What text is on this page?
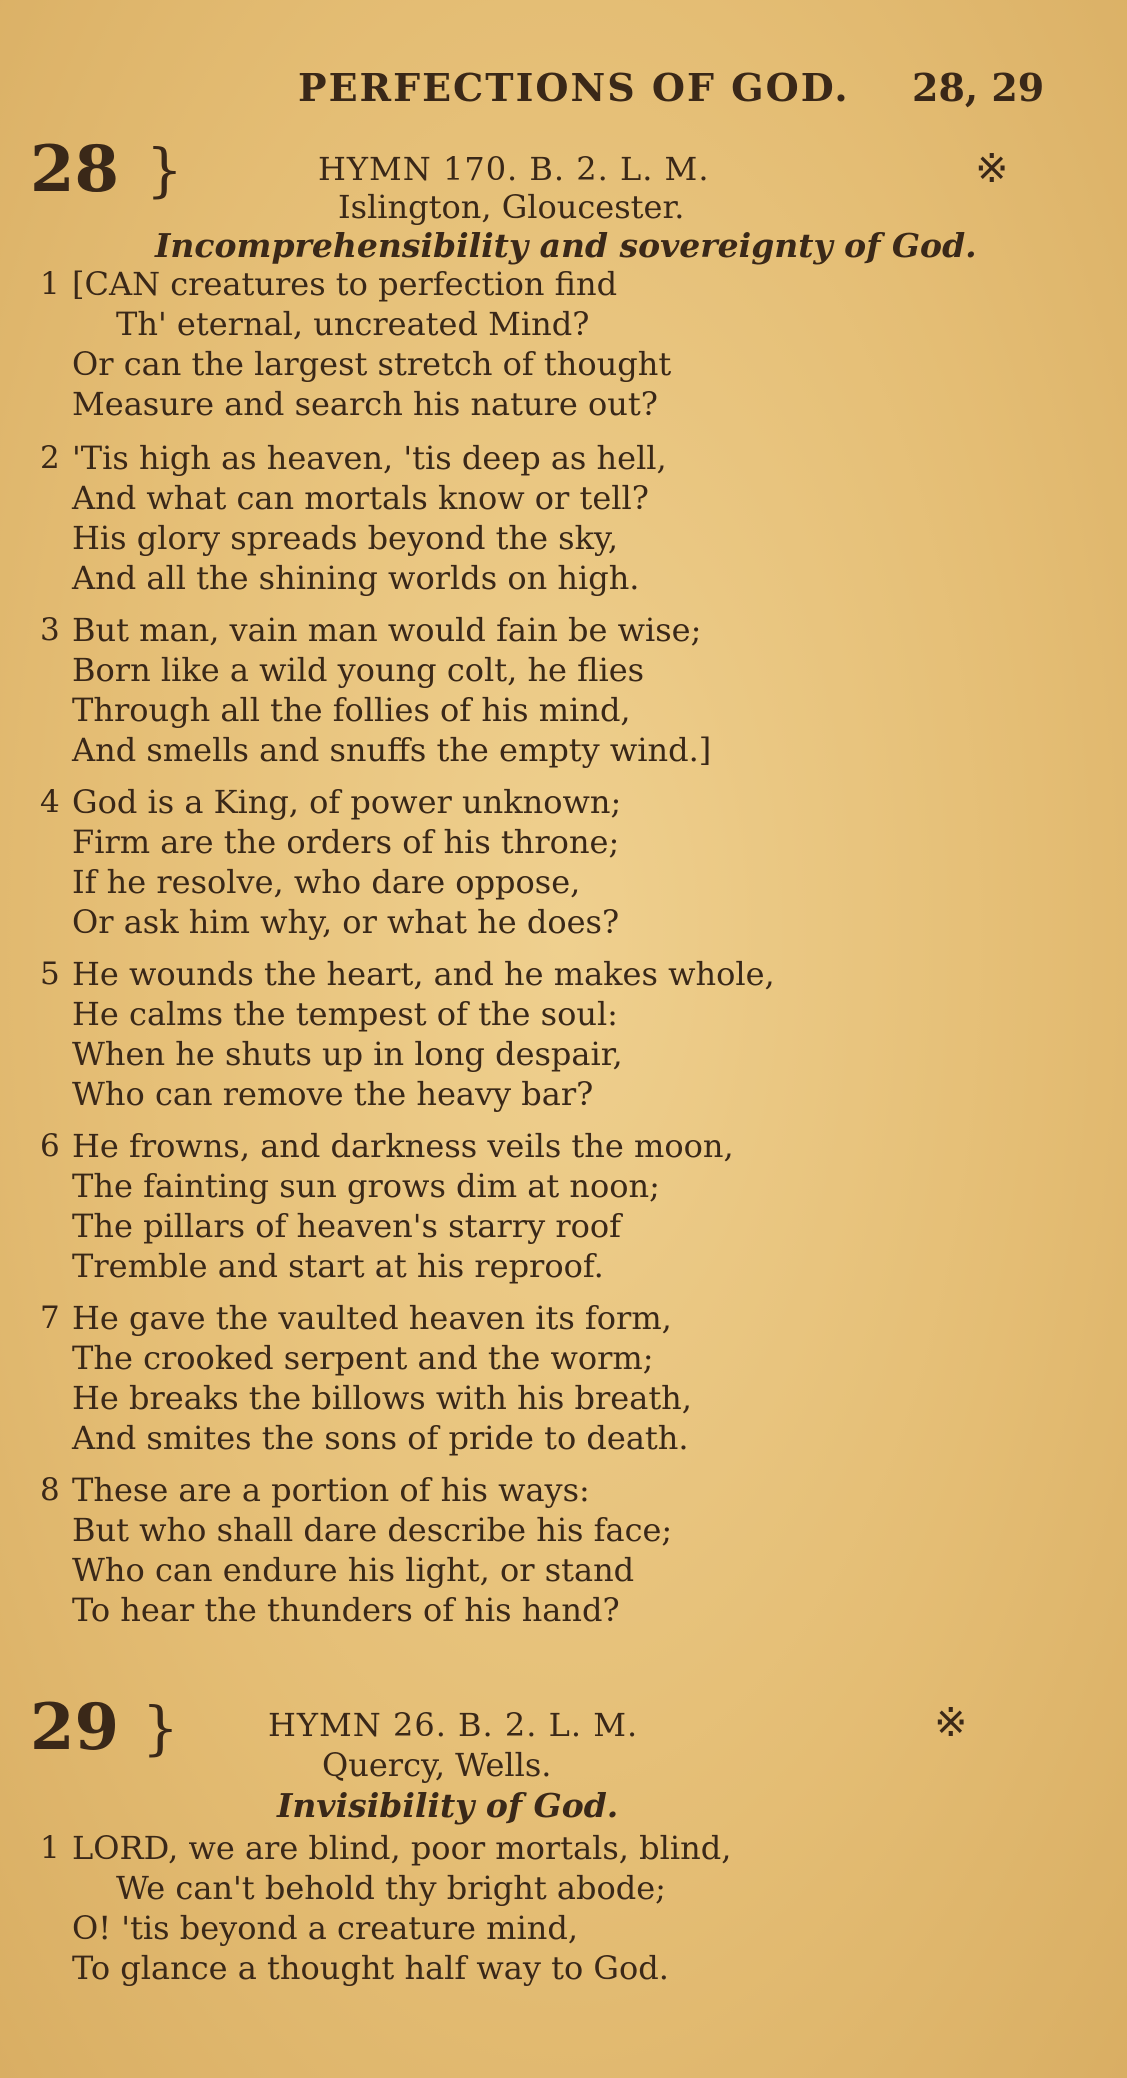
PERFECTIONS OF GOD. 28, 29
28 }	HYMN 170. B. 2. L. M.	※
Islington, Gloucester.
Incomprehensibility and sovereignty of God.
1 [CAN creatures to perfection find
Th' eternal, uncreated Mind?
Or can the largest stretch of thought
Measure and search his nature out?
2 'Tis high as heaven, 'tis deep as hell,
And what can mortals know or tell?
His glory spreads beyond the sky,
And all the shining worlds on high.
3 But man, vain man would fain be wise;
Born like a wild young colt, he flies
Through all the follies of his mind,
And smells and snuffs the empty wind.]
4 God is a King, of power unknown;
Firm are the orders of his throne;
If he resolve, who dare oppose,
Or ask him why, or what he does?
5 He wounds the heart, and he makes whole,
He calms the tempest of the soul:
When he shuts up in long despair,
Who can remove the heavy bar?
6 He frowns, and darkness veils the moon,
The fainting sun grows dim at noon;
The pillars of heaven's starry roof
Tremble and start at his reproof.
7 He gave the vaulted heaven its form,
The crooked serpent and the worm;
He breaks the billows with his breath,
And smites the sons of pride to death.
8 These are a portion of his ways:
But who shall dare describe his face;
Who can endure his light, or stand
To hear the thunders of his hand?
29 }	HYMN 26. B. 2. L. M.	※
Quercy, Wells.
Invisibility of God.
1 LORD, we are blind, poor mortals, blind,
We can't behold thy bright abode;
O! 'tis beyond a creature mind,
To glance a thought half way to God.
